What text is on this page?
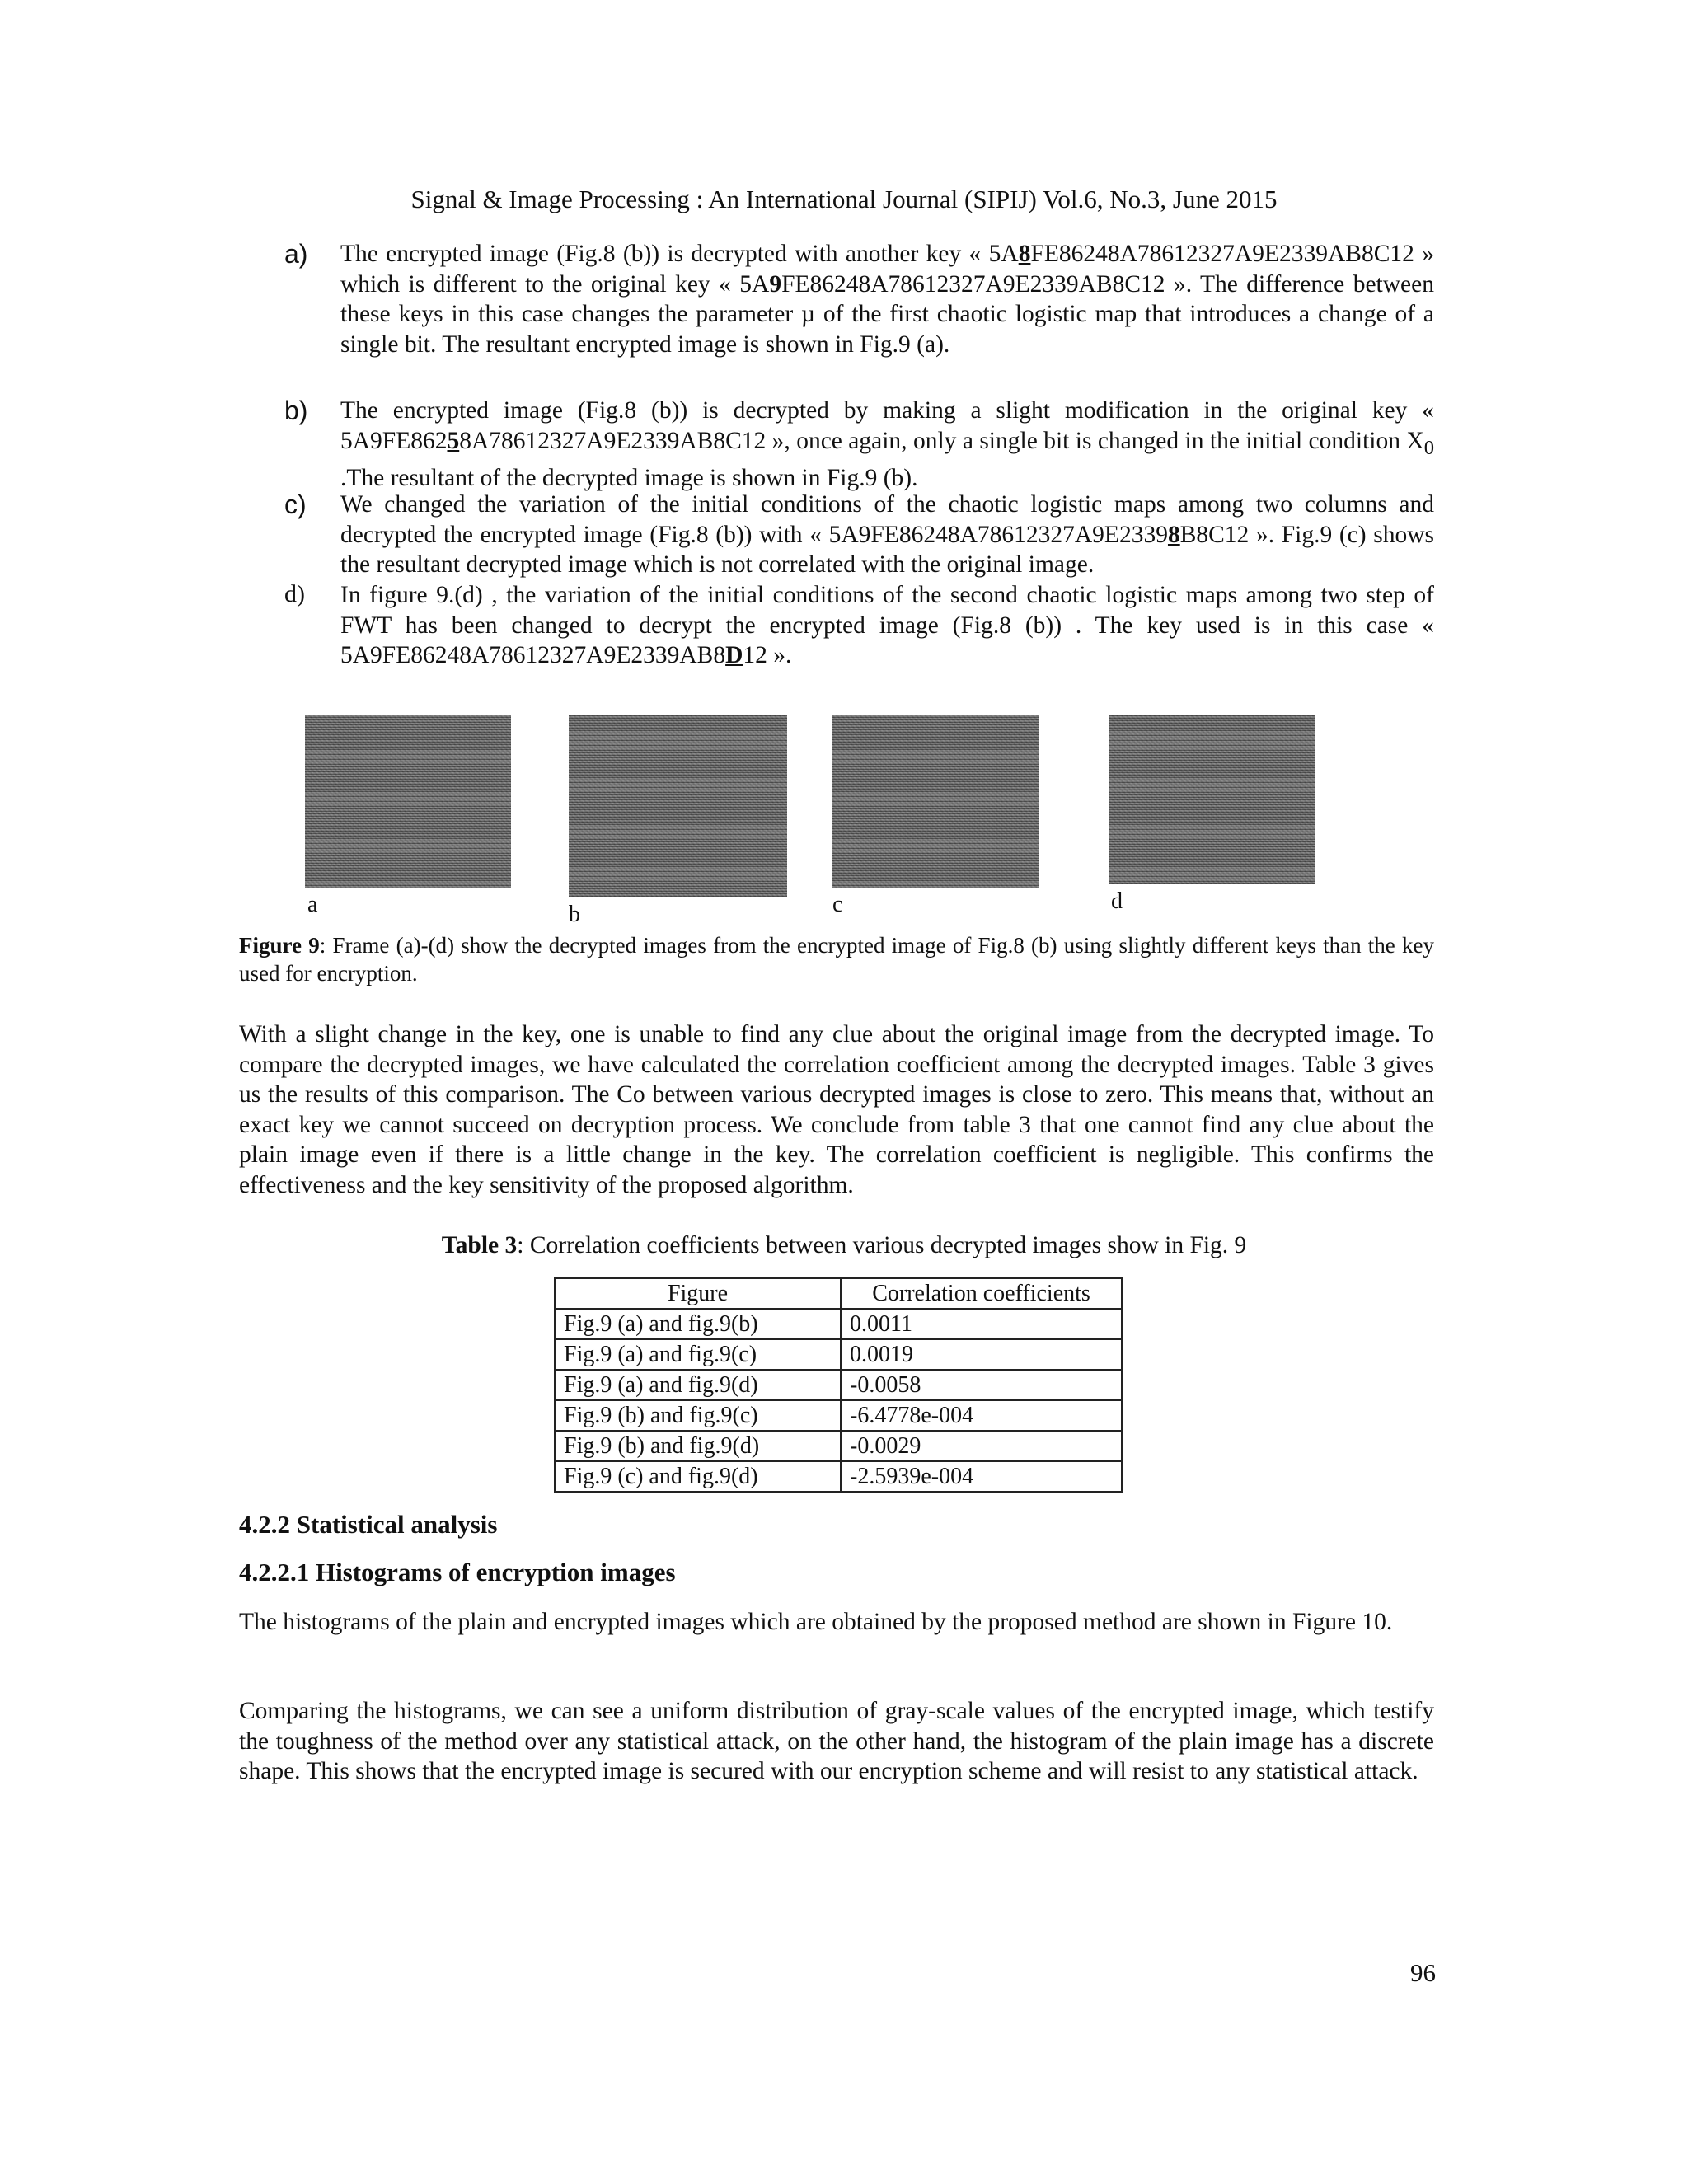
Signal & Image Processing : An International Journal (SIPIJ) Vol.6, No.3, June 2015
a) The encrypted image (Fig.8 (b)) is decrypted with another key « 5A8FE86248A78612327A9E2339AB8C12 » which is different to the original key « 5A9FE86248A78612327A9E2339AB8C12 ». The difference between these keys in this case changes the parameter µ of the first chaotic logistic map that introduces a change of a single bit. The resultant encrypted image is shown in Fig.9 (a).
b) The encrypted image (Fig.8 (b)) is decrypted by making a slight modification in the original key « 5A9FE86258A78612327A9E2339AB8C12 », once again, only a single bit is changed in the initial condition $X_0$ .The resultant of the decrypted image is shown in Fig.9 (b).
c) We changed the variation of the initial conditions of the chaotic logistic maps among two columns and decrypted the encrypted image (Fig.8 (b)) with « 5A9FE86248A78612327A9E23398B8C12 ». Fig.9 (c) shows the resultant decrypted image which is not correlated with the original image.
d) In figure 9.(d) , the variation of the initial conditions of the second chaotic logistic maps among two step of FWT has been changed to decrypt the encrypted image (Fig.8 (b)) . The key used is in this case « 5A9FE86248A78612327A9E2339AB8D12 ».
a	b	c	d
Figure 9: Frame (a)-(d) show the decrypted images from the encrypted image of Fig.8 (b) using slightly different keys than the key used for encryption.

With a slight change in the key, one is unable to find any clue about the original image from the decrypted image. To compare the decrypted images, we have calculated the correlation coefficient among the decrypted images. Table 3 gives us the results of this comparison. The Co between various decrypted images is close to zero. This means that, without an exact key we cannot succeed on decryption process. We conclude from table 3 that one cannot find any clue about the plain image even if there is a little change in the key. The correlation coefficient is negligible. This confirms the effectiveness and the key sensitivity of the proposed algorithm.

Table 3: Correlation coefficients between various decrypted images show in Fig. 9
Figure	Correlation coefficients
Fig.9 (a) and fig.9(b)	0.0011
Fig.9 (a) and fig.9(c)	0.0019
Fig.9 (a) and fig.9(d)	-0.0058
Fig.9 (b) and fig.9(c)	-6.4778e-004
Fig.9 (b) and fig.9(d)	-0.0029
Fig.9 (c) and fig.9(d)	-2.5939e-004
4.2.2 Statistical analysis
4.2.2.1 Histograms of encryption images

The histograms of the plain and encrypted images which are obtained by the proposed method are shown in Figure 10.

Comparing the histograms, we can see a uniform distribution of gray-scale values of the encrypted image, which testify the toughness of the method over any statistical attack, on the other hand, the histogram of the plain image has a discrete shape. This shows that the encrypted image is secured with our encryption scheme and will resist to any statistical attack.

96
